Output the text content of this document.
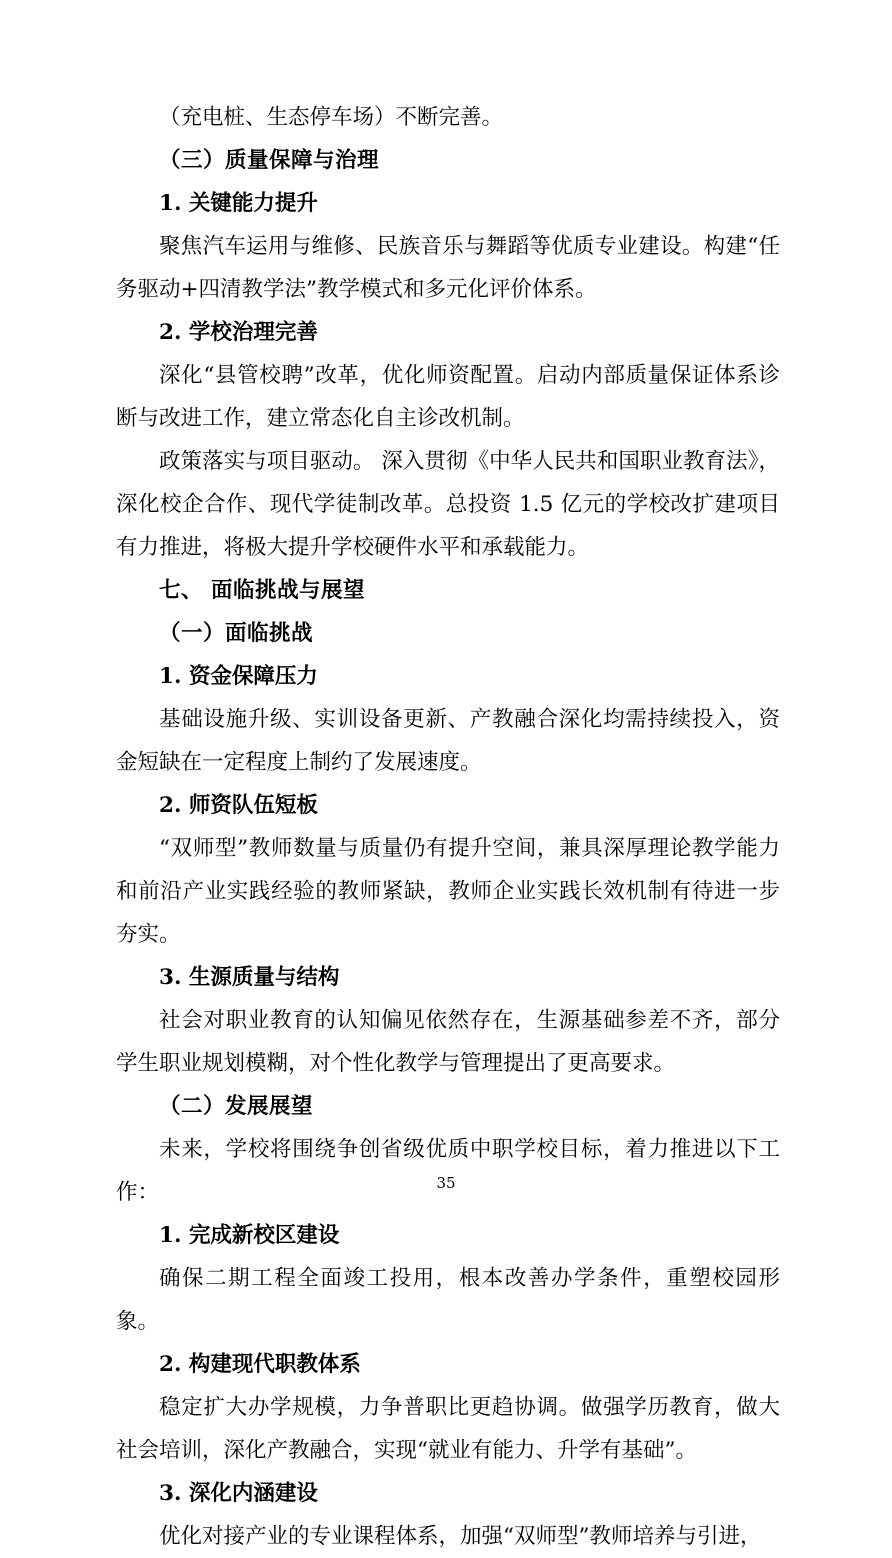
（充电桩、生态停车场）不断完善。

（三）质量保障与治理

1. 关键能力提升

聚焦汽车运用与维修、民族音乐与舞蹈等优质专业建设。构建“任务驱动+四清教学法”教学模式和多元化评价体系。

2. 学校治理完善

深化“县管校聘”改革，优化师资配置。启动内部质量保证体系诊断与改进工作，建立常态化自主诊改机制。

政策落实与项目驱动。 深入贯彻《中华人民共和国职业教育法》，深化校企合作、现代学徒制改革。总投资 1.5 亿元的学校改扩建项目有力推进，将极大提升学校硬件水平和承载能力。

七、 面临挑战与展望

（一）面临挑战

1. 资金保障压力

基础设施升级、实训设备更新、产教融合深化均需持续投入，资金短缺在一定程度上制约了发展速度。

2. 师资队伍短板

“双师型”教师数量与质量仍有提升空间，兼具深厚理论教学能力和前沿产业实践经验的教师紧缺，教师企业实践长效机制有待进一步夯实。

3. 生源质量与结构

社会对职业教育的认知偏见依然存在，生源基础参差不齐，部分学生职业规划模糊，对个性化教学与管理提出了更高要求。

（二）发展展望

未来，学校将围绕争创省级优质中职学校目标，着力推进以下工作：

1. 完成新校区建设

确保二期工程全面竣工投用，根本改善办学条件，重塑校园形象。

2. 构建现代职教体系

稳定扩大办学规模，力争普职比更趋协调。做强学历教育，做大社会培训，深化产教融合，实现“就业有能力、升学有基础”。

3. 深化内涵建设

优化对接产业的专业课程体系，加强“双师型”教师培养与引进，

35
